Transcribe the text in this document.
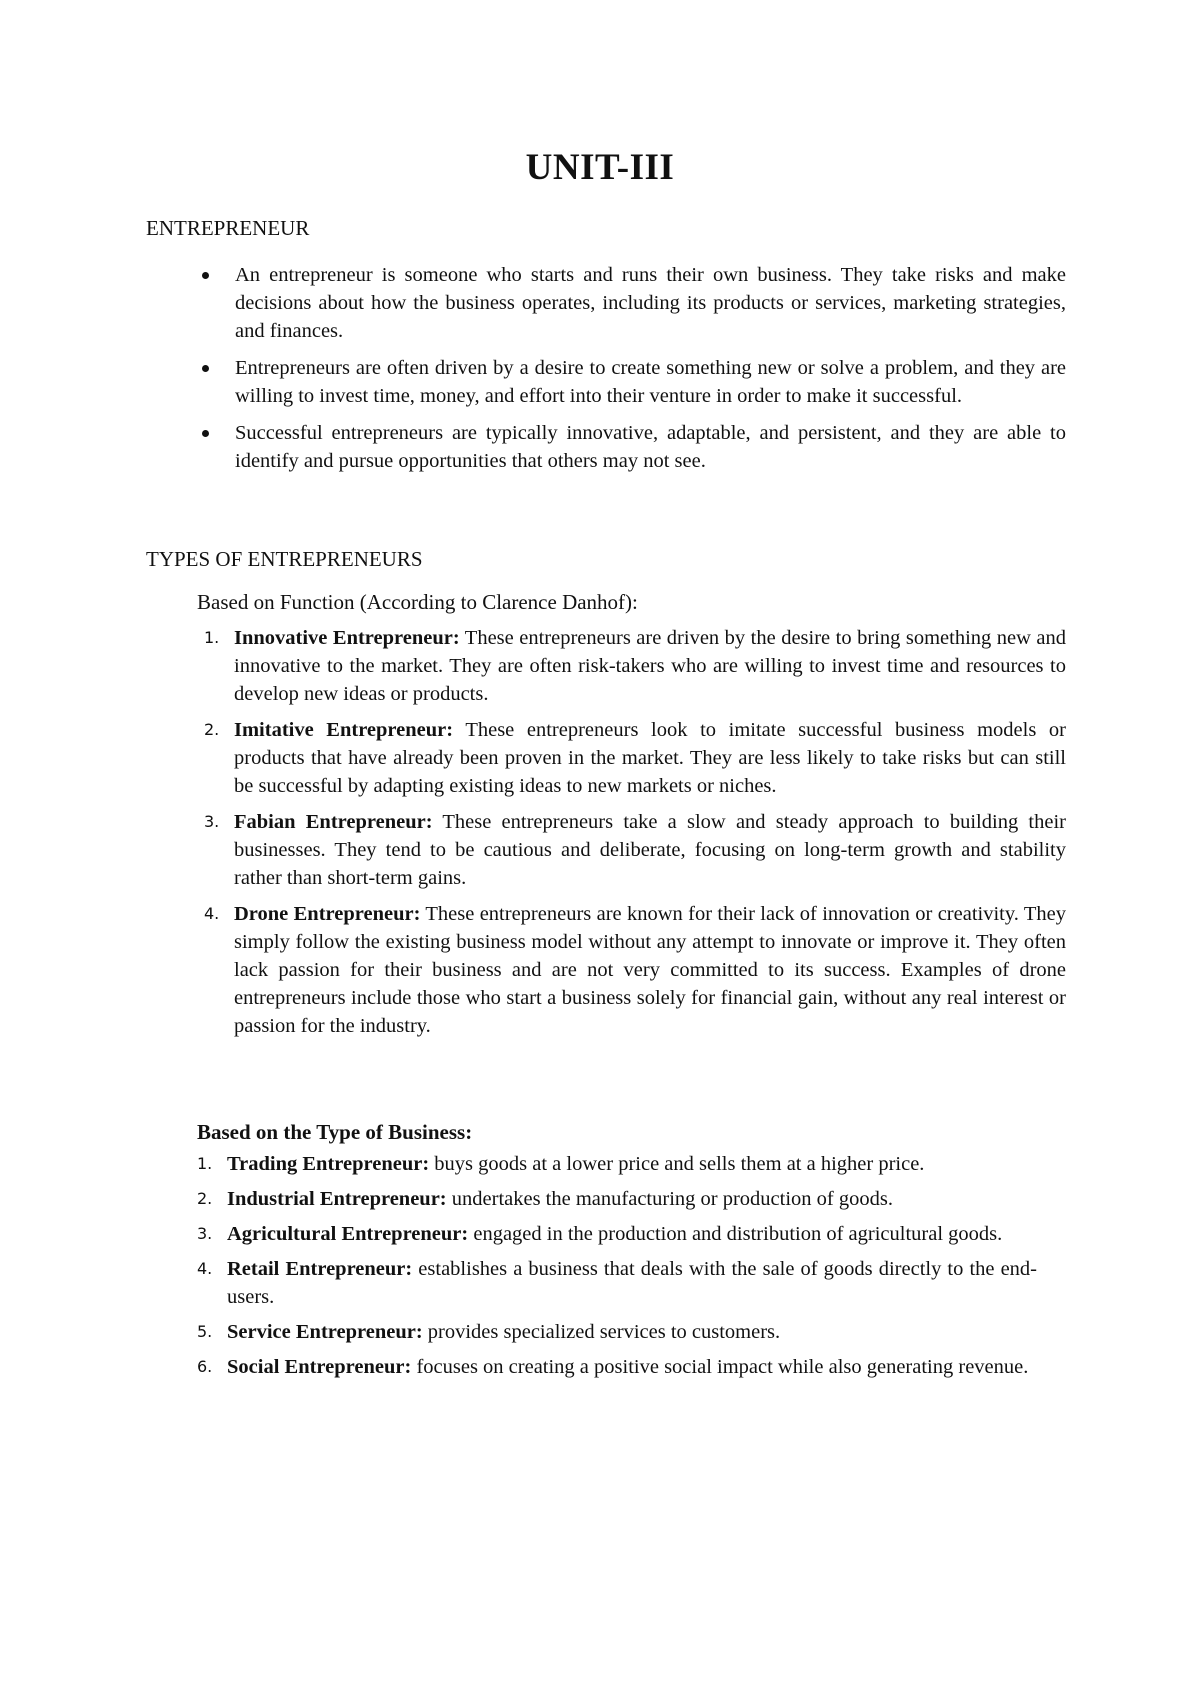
UNIT-III
ENTREPRENEUR
An entrepreneur is someone who starts and runs their own business. They take risks and make decisions about how the business operates, including its products or services, marketing strategies, and finances.
Entrepreneurs are often driven by a desire to create something new or solve a problem, and they are willing to invest time, money, and effort into their venture in order to make it successful.
Successful entrepreneurs are typically innovative, adaptable, and persistent, and they are able to identify and pursue opportunities that others may not see.
TYPES OF ENTREPRENEURS
Based on Function (According to Clarence Danhof):
1. Innovative Entrepreneur: These entrepreneurs are driven by the desire to bring something new and innovative to the market. They are often risk-takers who are willing to invest time and resources to develop new ideas or products.
2. Imitative Entrepreneur: These entrepreneurs look to imitate successful business models or products that have already been proven in the market. They are less likely to take risks but can still be successful by adapting existing ideas to new markets or niches.
3. Fabian Entrepreneur: These entrepreneurs take a slow and steady approach to building their businesses. They tend to be cautious and deliberate, focusing on long-term growth and stability rather than short-term gains.
4. Drone Entrepreneur: These entrepreneurs are known for their lack of innovation or creativity. They simply follow the existing business model without any attempt to innovate or improve it. They often lack passion for their business and are not very committed to its success. Examples of drone entrepreneurs include those who start a business solely for financial gain, without any real interest or passion for the industry.
Based on the Type of Business:
1. Trading Entrepreneur: buys goods at a lower price and sells them at a higher price.
2. Industrial Entrepreneur: undertakes the manufacturing or production of goods.
3. Agricultural Entrepreneur: engaged in the production and distribution of agricultural goods.
4. Retail Entrepreneur: establishes a business that deals with the sale of goods directly to the end-users.
5. Service Entrepreneur: provides specialized services to customers.
6. Social Entrepreneur: focuses on creating a positive social impact while also generating revenue.
